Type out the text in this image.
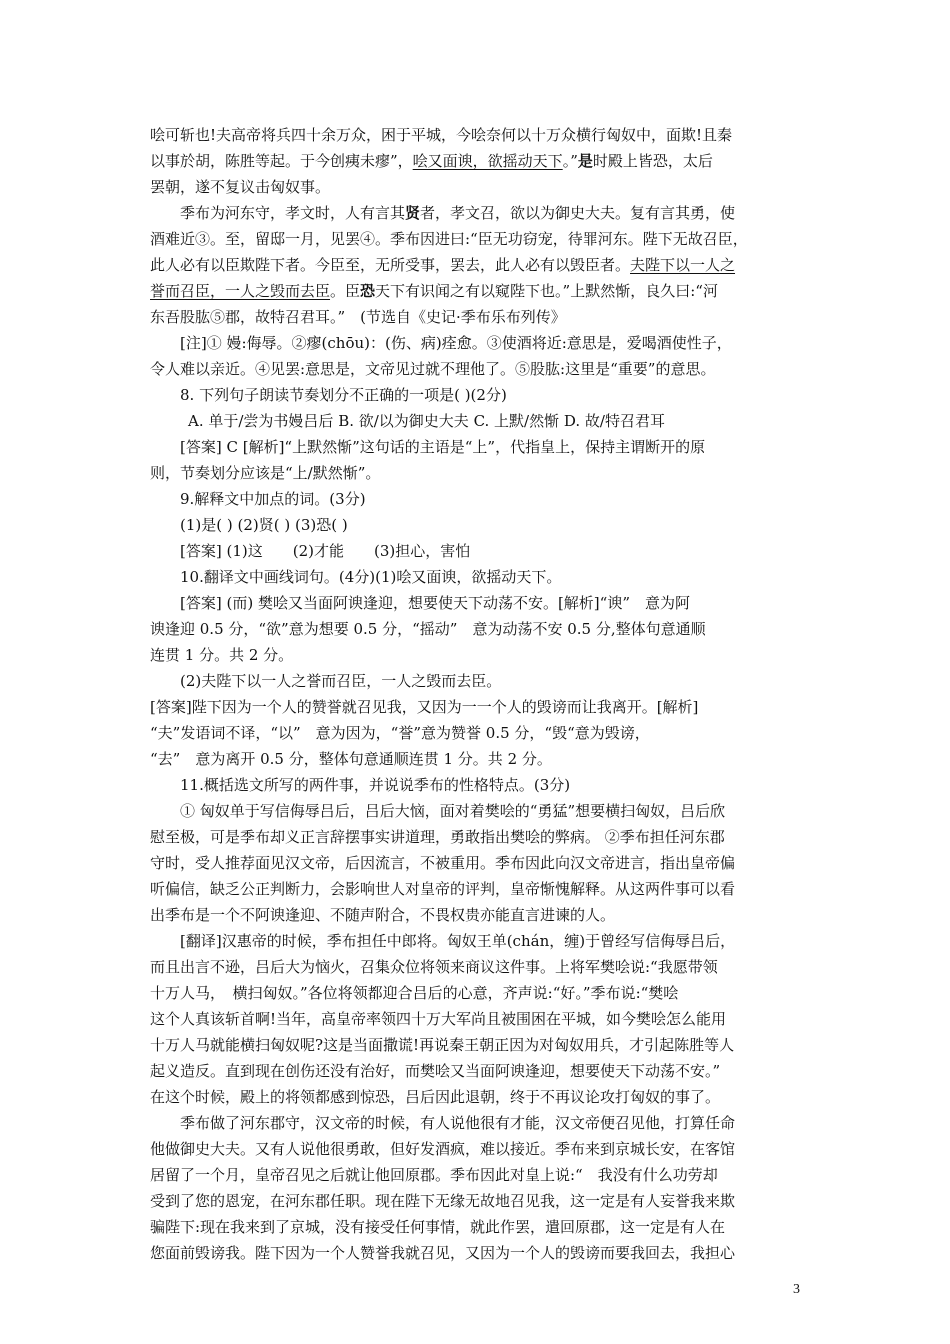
哙可斩也!夫高帝将兵四十余万众，困于平城，今哙奈何以十万众横行匈奴中，面欺!且秦
以事於胡，陈胜等起。于今创痍未瘳”，哙又面谀，欲摇动天下。”是时殿上皆恐，太后
罢朝，遂不复议击匈奴事。
季布为河东守，孝文时，人有言其贤者，孝文召，欲以为御史大夫。复有言其勇，使
酒难近③。至，留邸一月，见罢④。季布因进曰:“臣无功窃宠，待罪河东。陛下无故召臣，
此人必有以臣欺陛下者。今臣至，无所受事，罢去，此人必有以毁臣者。夫陛下以一人之
誉而召臣，一人之毁而去臣。臣恐天下有识闻之有以窥陛下也。”上默然惭，良久曰:“河
东吾股肱⑤郡，故特召君耳。”　(节选自《史记·季布乐布列传》
[注]① 嫚:侮辱。②瘳(chōu)：(伤、病)痊愈。③使酒将近:意思是，爱喝酒使性子，
令人难以亲近。④见罢:意思是，文帝见过就不理他了。⑤股肱:这里是“重要”的意思。
8. 下列句子朗读节奏划分不正确的一项是( )(2分)
A. 单于/尝为书嫚吕后 B. 欲/以为御史大夫 C. 上默/然惭 D. 故/特召君耳
[答案] C [解析]“上默然惭”这句话的主语是“上”，代指皇上，保持主谓断开的原
则，节奏划分应该是“上/默然惭”。
9.解释文中加点的词。(3分)
(1)是( ) (2)贤( ) (3)恐( )
[答案] (1)这　　(2)才能　　(3)担心，害怕
10.翻译文中画线词句。(4分)(1)哙又面谀，欲摇动天下。
[答案] (而) 樊哙又当面阿谀逢迎，想要使天下动荡不安。[解析]“谀”　意为阿
谀逢迎 0.5 分，“欲”意为想要 0.5 分，“摇动”　意为动荡不安 0.5 分,整体句意通顺
连贯 1 分。共 2 分。
(2)夫陛下以一人之誉而召臣，一人之毁而去臣。
[答案]陛下因为一个人的赞誉就召见我，又因为一一个人的毁谤而让我离开。[解析]
“夫”发语词不译，“以”　意为因为，“誉”意为赞誉 0.5 分，“毁“意为毁谤，
“去”　意为离开 0.5 分，整体句意通顺连贯 1 分。共 2 分。
11.概括选文所写的两件事，并说说季布的性格特点。(3分)
① 匈奴单于写信侮辱吕后，吕后大恼，面对着樊哙的“勇猛”想要横扫匈奴，吕后欣
慰至极，可是季布却义正言辞摆事实讲道理，勇敢指出樊哙的弊病。 ②季布担任河东郡
守时，受人推荐面见汉文帝，后因流言，不被重用。季布因此向汉文帝进言，指出皇帝偏
听偏信，缺乏公正判断力，会影响世人对皇帝的评判，皇帝惭愧解释。从这两件事可以看
出季布是一个不阿谀逢迎、不随声附合，不畏权贵亦能直言进谏的人。
[翻译]汉惠帝的时候，季布担任中郎将。匈奴王单(chán，缠)于曾经写信侮辱吕后，
而且出言不逊，吕后大为恼火，召集众位将领来商议这件事。上将军樊哙说:“我愿带领
十万人马，　横扫匈奴。”各位将领都迎合吕后的心意，齐声说:“好。”季布说:“樊哙
这个人真该斩首啊!当年，高皇帝率领四十万大军尚且被围困在平城，如今樊哙怎么能用
十万人马就能横扫匈奴呢?这是当面撒谎!再说秦王朝正因为对匈奴用兵，才引起陈胜等人
起义造反。直到现在创伤还没有治好，而樊哙又当面阿谀逢迎，想要使天下动荡不安。”
在这个时候，殿上的将领都感到惊恐，吕后因此退朝，终于不再议论攻打匈奴的事了。
季布做了河东郡守，汉文帝的时候，有人说他很有才能，汉文帝便召见他，打算任命
他做御史大夫。又有人说他很勇敢，但好发酒疯，难以接近。季布来到京城长安，在客馆
居留了一个月，皇帝召见之后就让他回原郡。季布因此对皇上说:“　我没有什么功劳却
受到了您的恩宠，在河东郡任职。现在陛下无缘无故地召见我，这一定是有人妄誉我来欺
骗陛下:现在我来到了京城，没有接受任何事情，就此作罢，遣回原郡，这一定是有人在
您面前毁谤我。陛下因为一个人赞誉我就召见，又因为一个人的毁谤而要我回去，我担心
3
